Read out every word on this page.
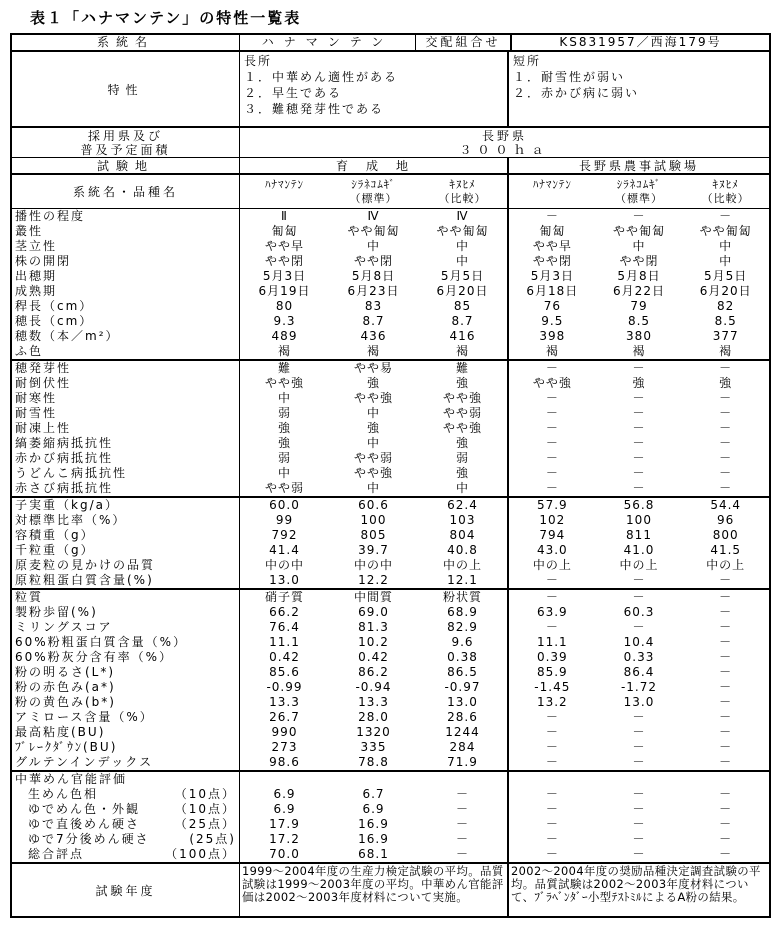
表１「ハナマンテン」の特性一覧表
系統名	ハナマンテン	交配組合せ	KS831957／西海179号
特性
長所
１．中華めん適性がある
２．早生である
３．難穂発芽性である
短所
１．耐雪性が弱い
２．赤かび病に弱い
採用県及び
普及予定面積
長野県
３００ｈａ
試験地	育　成　地	長野県農事試験場
系統名・品種名
ﾊﾅﾏﾝﾃﾝ	ｼﾗﾈｺﾑｷﾞ	ｷﾇﾋﾒ
（標準）	（比較）
ﾊﾅﾏﾝﾃﾝ	ｼﾗﾈｺﾑｷﾞ	ｷﾇﾋﾒ
（標準）	（比較）
播性の程度	Ⅱ	Ⅳ	Ⅳ	－	－	－
叢性	匍匐	やや匍匐	やや匍匐	匍匐	やや匍匐	やや匍匐
茎立性	やや早	中	中	やや早	中	中
株の開閉	やや閉	やや閉	中	やや閉	やや閉	中
出穂期	5月3日	5月8日	5月5日	5月3日	5月8日	5月5日
成熟期	6月19日	6月23日	6月20日	6月18日	6月22日	6月20日
稈長（cm）	80	83	85	76	79	82
穂長（cm）	9.3	8.7	8.7	9.5	8.5	8.5
穂数（本／m²）	489	436	416	398	380	377
ふ色	褐	褐	褐	褐	褐	褐
穂発芽性	難	やや易	難	－	－	－
耐倒伏性	やや強	強	強	やや強	強	強
耐寒性	中	やや強	やや強	－	－	－
耐雪性	弱	中	やや弱	－	－	－
耐凍上性	強	強	やや強	－	－	－
縞萎縮病抵抗性	強	中	強	－	－	－
赤かび病抵抗性	弱	やや弱	弱	－	－	－
うどんこ病抵抗性	中	やや強	強	－	－	－
赤さび病抵抗性	やや弱	中	中	－	－	－
子実重（kg/a）	60.0	60.6	62.4	57.9	56.8	54.4
対標準比率（%）	99	100	103	102	100	96
容積重（g）	792	805	804	794	811	800
千粒重（g）	41.4	39.7	40.8	43.0	41.0	41.5
原麦粒の見かけの品質	中の中	中の中	中の上	中の上	中の上	中の上
原粒粗蛋白質含量(%)	13.0	12.2	12.1	－	－	－
粒質	硝子質	中間質	粉状質	－	－	－
製粉歩留(%)	66.2	69.0	68.9	63.9	60.3	－
ミリングスコア	76.4	81.3	82.9	－	－	－
60%粉粗蛋白質含量（%）	11.1	10.2	9.6	11.1	10.4	－
60%粉灰分含有率（%）	0.42	0.42	0.38	0.39	0.33	－
粉の明るさ(L*)	85.6	86.2	86.5	85.9	86.4	－
粉の赤色み(a*)	-0.99	-0.94	-0.97	-1.45	-1.72	－
粉の黄色み(b*)	13.3	13.3	13.0	13.2	13.0	－
アミロース含量（%）	26.7	28.0	28.6	－	－	－
最高粘度(BU)	990	1320	1244	－	－	－
ﾌﾞﾚｰｸﾀﾞｳﾝ(BU)	273	335	284	－	－	－
グルテンインデックス	98.6	78.8	71.9	－	－	－
中華めん官能評価
生めん色相	（10点）	6.9	6.7	－	－	－	－
ゆでめん色・外観	（10点）	6.9	6.9	－	－	－	－
ゆで直後めん硬さ	（25点）	17.9	16.9	－	－	－	－
ゆで7分後めん硬さ	(25点)	17.2	16.9	－	－	－	－
総合評点	（100点）	70.0	68.1	－	－	－	－
試験年度
1999～2004年度の生産力検定試験の平均。品質試験は1999～2003年度の平均。中華めん官能評価は2002～2003年度材料について実施。
2002～2004年度の奨励品種決定調査試験の平均。品質試験は2002～2003年度材料について、ﾌﾞﾗﾍﾞﾝﾀﾞｰ小型ﾃｽﾄﾐﾙによるA粉の結果。
